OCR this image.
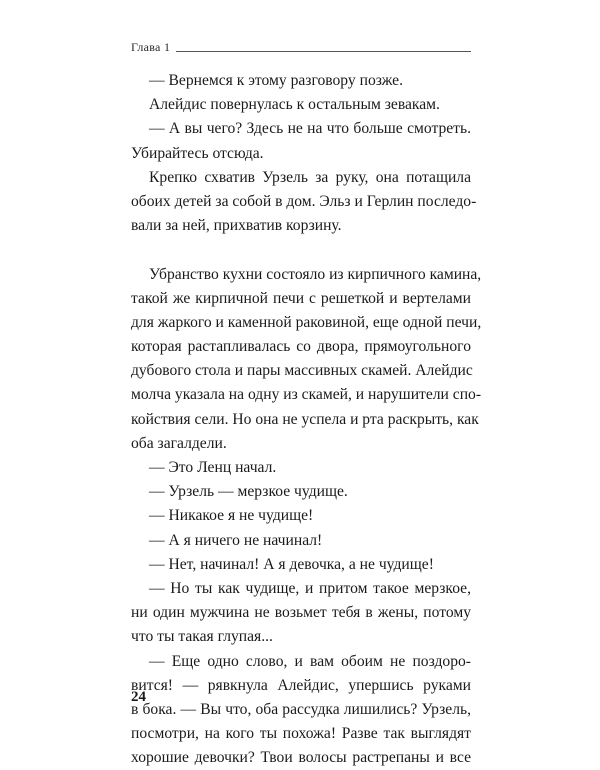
Глава 1
— Вернемся к этому разговору позже.
Алейдис повернулась к остальным зевакам.
— А вы чего? Здесь не на что больше смотреть.
Убирайтесь отсюда.
Крепко схватив Урзель за руку, она потащила
обоих детей за собой в дом. Эльз и Герлин последо-
вали за ней, прихватив корзину.
Убранство кухни состояло из кирпичного камина,
такой же кирпичной печи с решеткой и вертелами
для жаркого и каменной раковиной, еще одной печи,
которая растапливалась со двора, прямоугольного
дубового стола и пары массивных скамей. Алейдис
молча указала на одну из скамей, и нарушители спо-
койствия сели. Но она не успела и рта раскрыть, как
оба загалдели.
— Это Ленц начал.
— Урзель — мерзкое чудище.
— Никакое я не чудище!
— А я ничего не начинал!
— Нет, начинал! А я девочка, а не чудище!
— Но ты как чудище, и притом такое мерзкое,
ни один мужчина не возьмет тебя в жены, потому
что ты такая глупая...
— Еще одно слово, и вам обоим не поздоро-
вится! — рявкнула Алейдис, упершись руками
в бока. — Вы что, оба рассудка лишились? Урзель,
посмотри, на кого ты похожа! Разве так выглядят
хорошие девочки? Твои волосы растрепаны и все
24
